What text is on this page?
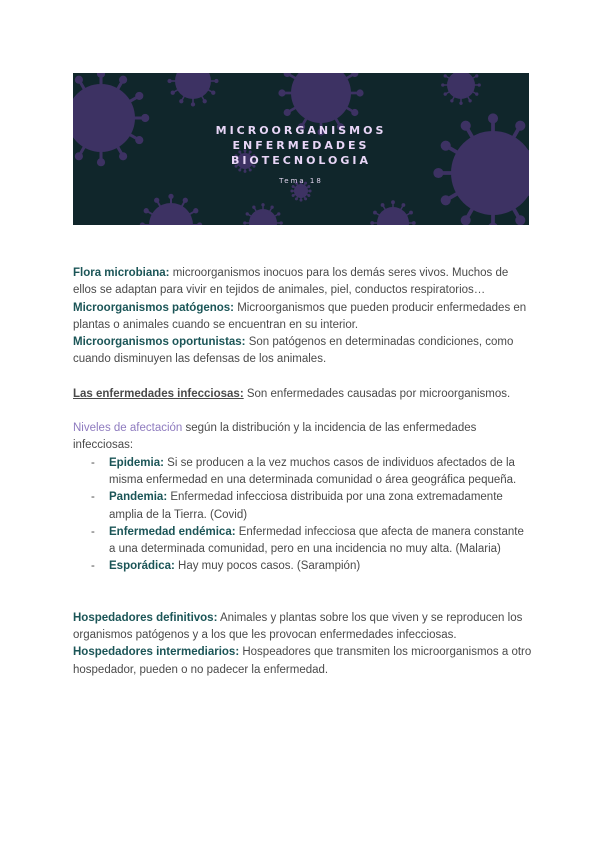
MICROORGANISMOS
ENFERMEDADES
BIOTECNOLOGIA
Tema 18

Flora microbiana: microorganismos inocuos para los demás seres vivos. Muchos de ellos se adaptan para vivir en tejidos de animales, piel, conductos respiratorios…

Microorganismos patógenos: Microorganismos que pueden producir enfermedades en plantas o animales cuando se encuentran en su interior.

Microorganismos oportunistas: Son patógenos en determinadas condiciones, como cuando disminuyen las defensas de los animales.

Las enfermedades infecciosas: Son enfermedades causadas por microorganismos.

Niveles de afectación según la distribución y la incidencia de las enfermedades infecciosas:

- Epidemia: Si se producen a la vez muchos casos de individuos afectados de la misma enfermedad en una determinada comunidad o área geográfica pequeña.
- Pandemia: Enfermedad infecciosa distribuida por una zona extremadamente amplia de la Tierra. (Covid)
- Enfermedad endémica: Enfermedad infecciosa que afecta de manera constante a una determinada comunidad, pero en una incidencia no muy alta. (Malaria)
- Esporádica: Hay muy pocos casos. (Sarampión)

Hospedadores definitivos: Animales y plantas sobre los que viven y se reproducen los organismos patógenos y a los que les provocan enfermedades infecciosas.

Hospedadores intermediarios: Hospeadores que transmiten los microorganismos a otro hospedador, pueden o no padecer la enfermedad.
